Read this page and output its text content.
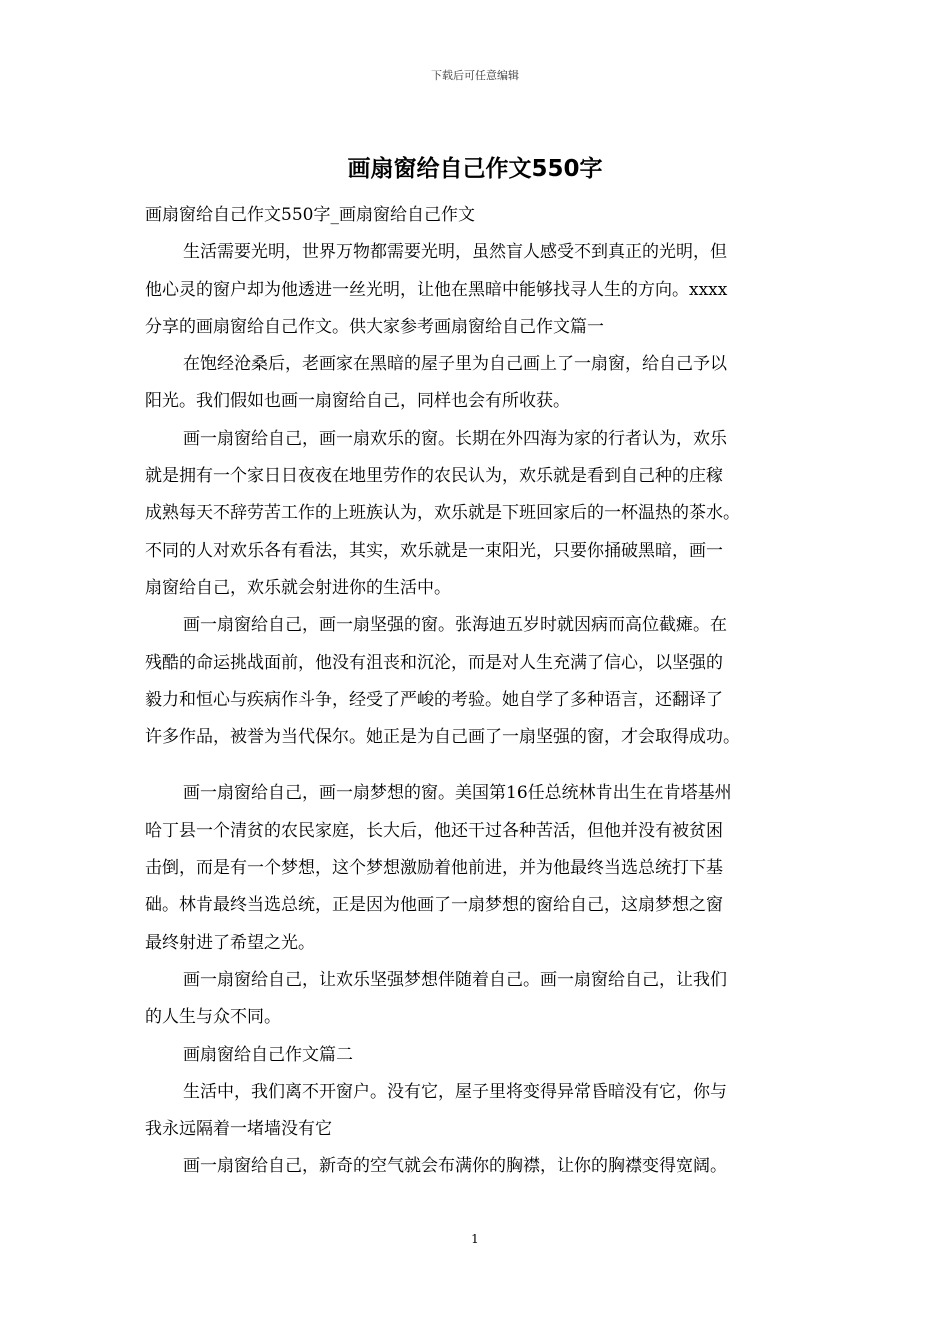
下载后可任意编辑
画扇窗给自己作文550字
画扇窗给自己作文550字_画扇窗给自己作文
生活需要光明，世界万物都需要光明，虽然盲人感受不到真正的光明，但
他心灵的窗户却为他透进一丝光明，让他在黑暗中能够找寻人生的方向。xxxx
分享的画扇窗给自己作文。供大家参考画扇窗给自己作文篇一
在饱经沧桑后，老画家在黑暗的屋子里为自己画上了一扇窗，给自己予以
阳光。我们假如也画一扇窗给自己，同样也会有所收获。
画一扇窗给自己，画一扇欢乐的窗。长期在外四海为家的行者认为，欢乐
就是拥有一个家日日夜夜在地里劳作的农民认为，欢乐就是看到自己种的庄稼
成熟每天不辞劳苦工作的上班族认为，欢乐就是下班回家后的一杯温热的茶水。
不同的人对欢乐各有看法，其实，欢乐就是一束阳光，只要你捅破黑暗，画一
扇窗给自己，欢乐就会射进你的生活中。
画一扇窗给自己，画一扇坚强的窗。张海迪五岁时就因病而高位截瘫。在
残酷的命运挑战面前，他没有沮丧和沉沦，而是对人生充满了信心，以坚强的
毅力和恒心与疾病作斗争，经受了严峻的考验。她自学了多种语言，还翻译了
许多作品，被誉为当代保尔。她正是为自己画了一扇坚强的窗，才会取得成功。
画一扇窗给自己，画一扇梦想的窗。美国第16任总统林肯出生在肯塔基州
哈丁县一个清贫的农民家庭，长大后，他还干过各种苦活，但他并没有被贫困
击倒，而是有一个梦想，这个梦想激励着他前进，并为他最终当选总统打下基
础。林肯最终当选总统，正是因为他画了一扇梦想的窗给自己，这扇梦想之窗
最终射进了希望之光。
画一扇窗给自己，让欢乐坚强梦想伴随着自己。画一扇窗给自己，让我们
的人生与众不同。
画扇窗给自己作文篇二
生活中，我们离不开窗户。没有它，屋子里将变得异常昏暗没有它，你与
我永远隔着一堵墙没有它
画一扇窗给自己，新奇的空气就会布满你的胸襟，让你的胸襟变得宽阔。
1
